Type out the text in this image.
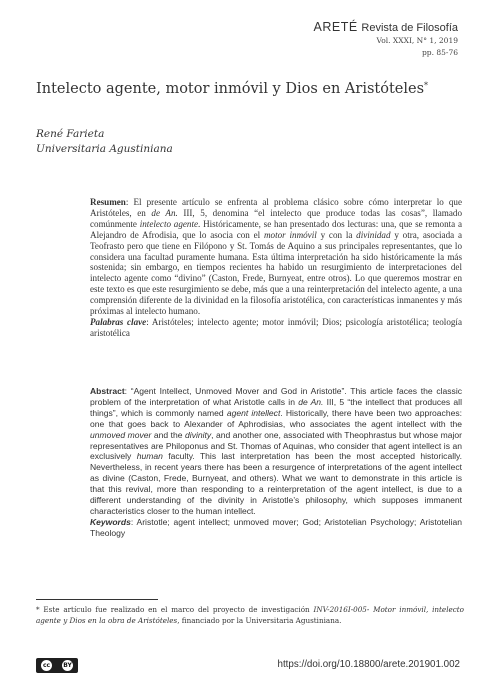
ARETÉ Revista de Filosofía
Vol. XXXI, N° 1, 2019
pp. 85-76
Intelecto agente, motor inmóvil y Dios en Aristóteles*
René Farieta
Universitaria Agustiniana
Resumen: El presente artículo se enfrenta al problema clásico sobre cómo interpretar lo que Aristóteles, en de An. III, 5, denomina “el intelecto que produce todas las cosas”, llamado comúnmente intelecto agente. Históricamente, se han presentado dos lecturas: una, que se remonta a Alejandro de Afrodisia, que lo asocia con el motor inmóvil y con la divinidad y otra, asociada a Teofrasto pero que tiene en Filópono y St. Tomás de Aquino a sus principales representantes, que lo considera una facultad puramente humana. Esta última interpretación ha sido históricamente la más sostenida; sin embargo, en tiempos recientes ha habido un resurgimiento de interpretaciones del intelecto agente como “divino” (Caston, Frede, Burnyeat, entre otros). Lo que queremos mostrar en este texto es que este resurgimiento se debe, más que a una reinterpretación del intelecto agente, a una comprensión diferente de la divinidad en la filosofía aristotélica, con características inmanentes y más próximas al intelecto humano.
Palabras clave: Aristóteles; intelecto agente; motor inmóvil; Dios; psicología aristotélica; teología aristotélica
Abstract: “Agent Intellect, Unmoved Mover and God in Aristotle”. This article faces the classic problem of the interpretation of what Aristotle calls in de An. III, 5 “the intellect that produces all things”, which is commonly named agent intellect. Historically, there have been two approaches: one that goes back to Alexander of Aphrodisias, who associates the agent intellect with the unmoved mover and the divinity, and another one, associated with Theophrastus but whose major representatives are Philoponus and St. Thomas of Aquinas, who consider that agent intellect is an exclusively human faculty. This last interpretation has been the most accepted historically. Nevertheless, in recent years there has been a resurgence of interpretations of the agent intellect as divine (Caston, Frede, Burnyeat, and others). What we want to demonstrate in this article is that this revival, more than responding to a reinterpretation of the agent intellect, is due to a different understanding of the divinity in Aristotle’s philosophy, which supposes immanent characteristics closer to the human intellect.
Keywords: Aristotle; agent intellect; unmoved mover; God; Aristotelian Psychology; Aristotelian Theology
* Este artículo fue realizado en el marco del proyecto de investigación INV-2016I-005- Motor inmóvil, intelecto agente y Dios en la obra de Aristóteles, financiado por la Universitaria Agustiniana.
cc	BY	https://doi.org/10.18800/arete.201901.002
